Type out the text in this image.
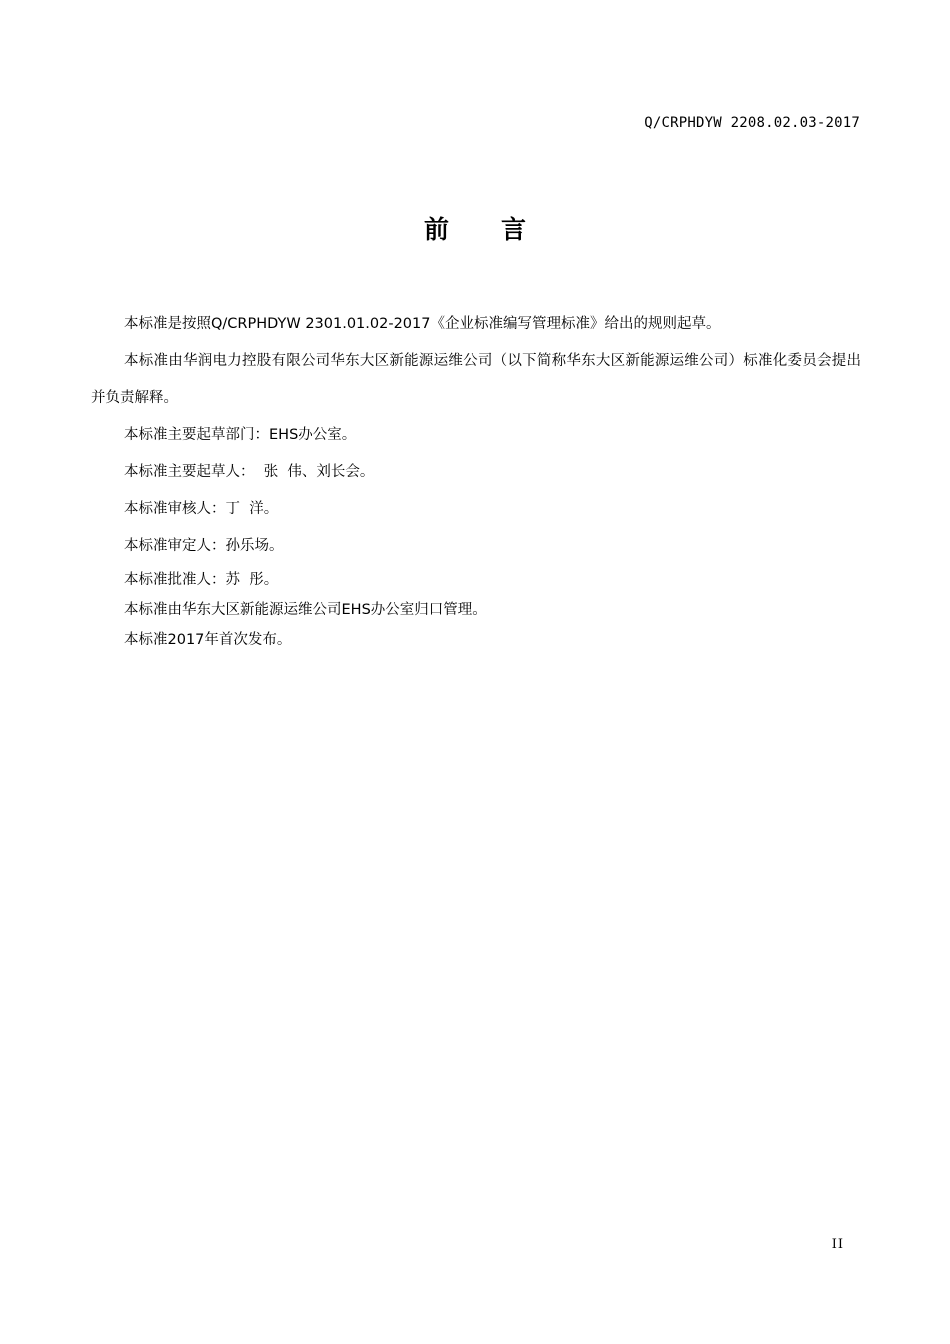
Q/CRPHDYW 2208.02.03-2017
前言

本标准是按照Q/CRPHDYW 2301.01.02-2017《企业标准编写管理标准》给出的规则起草。

本标准由华润电力控股有限公司华东大区新能源运维公司（以下简称华东大区新能源运维公司）标准化委员会提出并负责解释。

本标准主要起草部门：EHS办公室。

本标准主要起草人：  张  伟、刘长会。

本标准审核人：丁  洋。

本标准审定人：孙乐场。

本标准批准人：苏  彤。

本标准由华东大区新能源运维公司EHS办公室归口管理。

本标准2017年首次发布。

II
